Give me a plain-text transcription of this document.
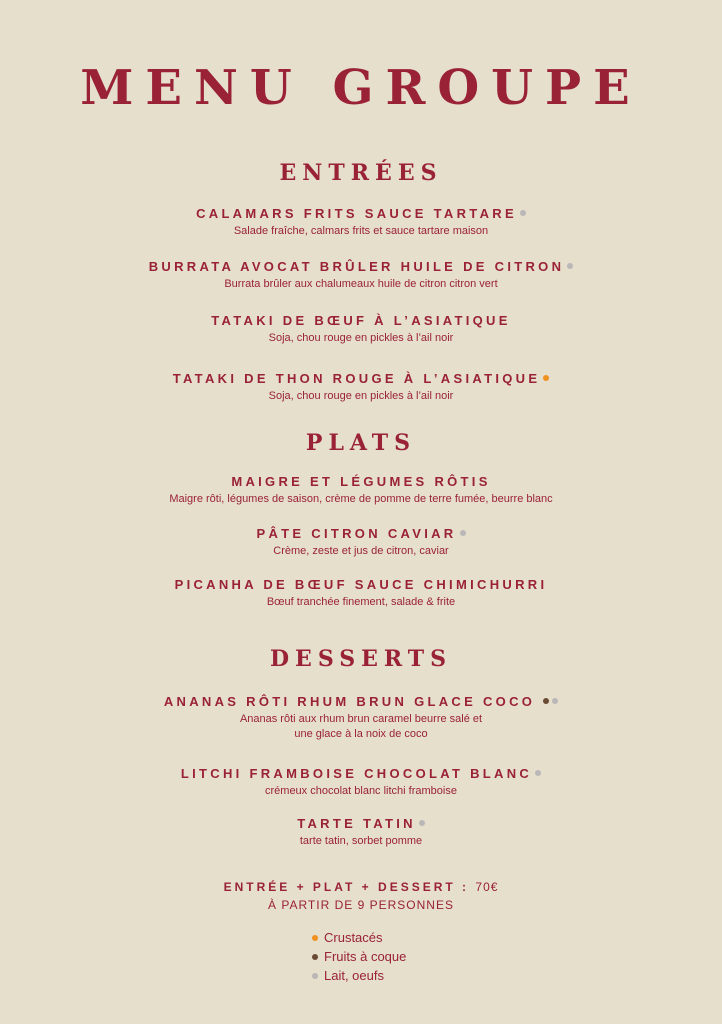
MENU GROUPE
ENTRÉES
CALAMARS FRITS SAUCE TARTARE
Salade fraîche, calmars frits et sauce tartare maison
BURRATA AVOCAT BRÛLER HUILE DE CITRON
Burrata brûler aux chalumeaux huile de citron citron vert
TATAKI DE BŒUF À L’ASIATIQUE
Soja, chou rouge en pickles à l’ail noir
TATAKI DE THON ROUGE À L’ASIATIQUE
Soja, chou rouge en pickles à l’ail noir
PLATS
MAIGRE ET LÉGUMES RÔTIS
Maigre rôti, légumes de saison, crème de pomme de terre fumée, beurre blanc
PÂTE CITRON CAVIAR
Crème, zeste et jus de citron, caviar
PICANHA DE BŒUF SAUCE CHIMICHURRI
Bœuf tranchée finement, salade & frite
DESSERTS
ANANAS RÔTI RHUM BRUN GLACE COCO
Ananas rôti aux rhum brun caramel beurre salé et
une glace à la noix de coco
LITCHI FRAMBOISE CHOCOLAT BLANC
crémeux chocolat blanc litchi framboise
TARTE TATIN
tarte tatin, sorbet pomme
ENTRÉE + PLAT + DESSERT : 70€
À PARTIR DE 9 PERSONNES
Crustacés
Fruits à coque
Lait, oeufs
